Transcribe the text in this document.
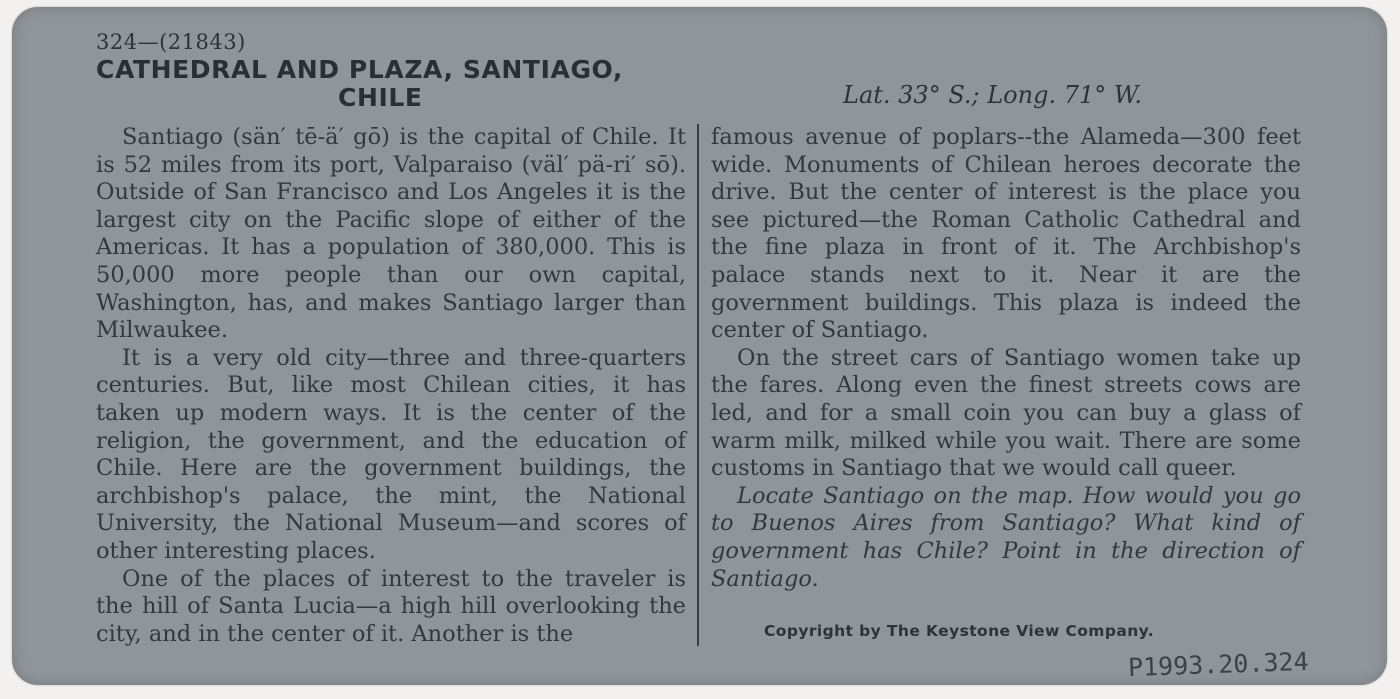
324—(21843)
CATHEDRAL AND PLAZA, SANTIAGO,
CHILE	Lat. 33° S.; Long. 71° W.

Santiago (sän′ tē-ä′ gō) is the capital of Chile. It is 52 miles from its port, Valparaiso (väl′ pä-ri′ sō). Outside of San Francisco and Los Angeles it is the largest city on the Pacific slope of either of the Americas. It has a population of 380,000. This is 50,000 more people than our own capital, Washington, has, and makes Santiago larger than Milwaukee.

It is a very old city—three and three-quarters centuries. But, like most Chilean cities, it has taken up modern ways. It is the center of the religion, the government, and the education of Chile. Here are the government buildings, the archbishop's palace, the mint, the National University, the National Museum—and scores of other interesting places.

One of the places of interest to the traveler is the hill of Santa Lucia—a high hill overlooking the city, and in the center of it. Another is the

famous avenue of poplars--the Alameda—300 feet wide. Monuments of Chilean heroes decorate the drive. But the center of interest is the place you see pictured—the Roman Catholic Cathedral and the fine plaza in front of it. The Archbishop's palace stands next to it. Near it are the government buildings. This plaza is indeed the center of Santiago.

On the street cars of Santiago women take up the fares. Along even the finest streets cows are led, and for a small coin you can buy a glass of warm milk, milked while you wait. There are some customs in Santiago that we would call queer.

Locate Santiago on the map. How would you go to Buenos Aires from Santiago? What kind of government has Chile? Point in the direction of Santiago.

Copyright by The Keystone View Company.
P1993.20.324
